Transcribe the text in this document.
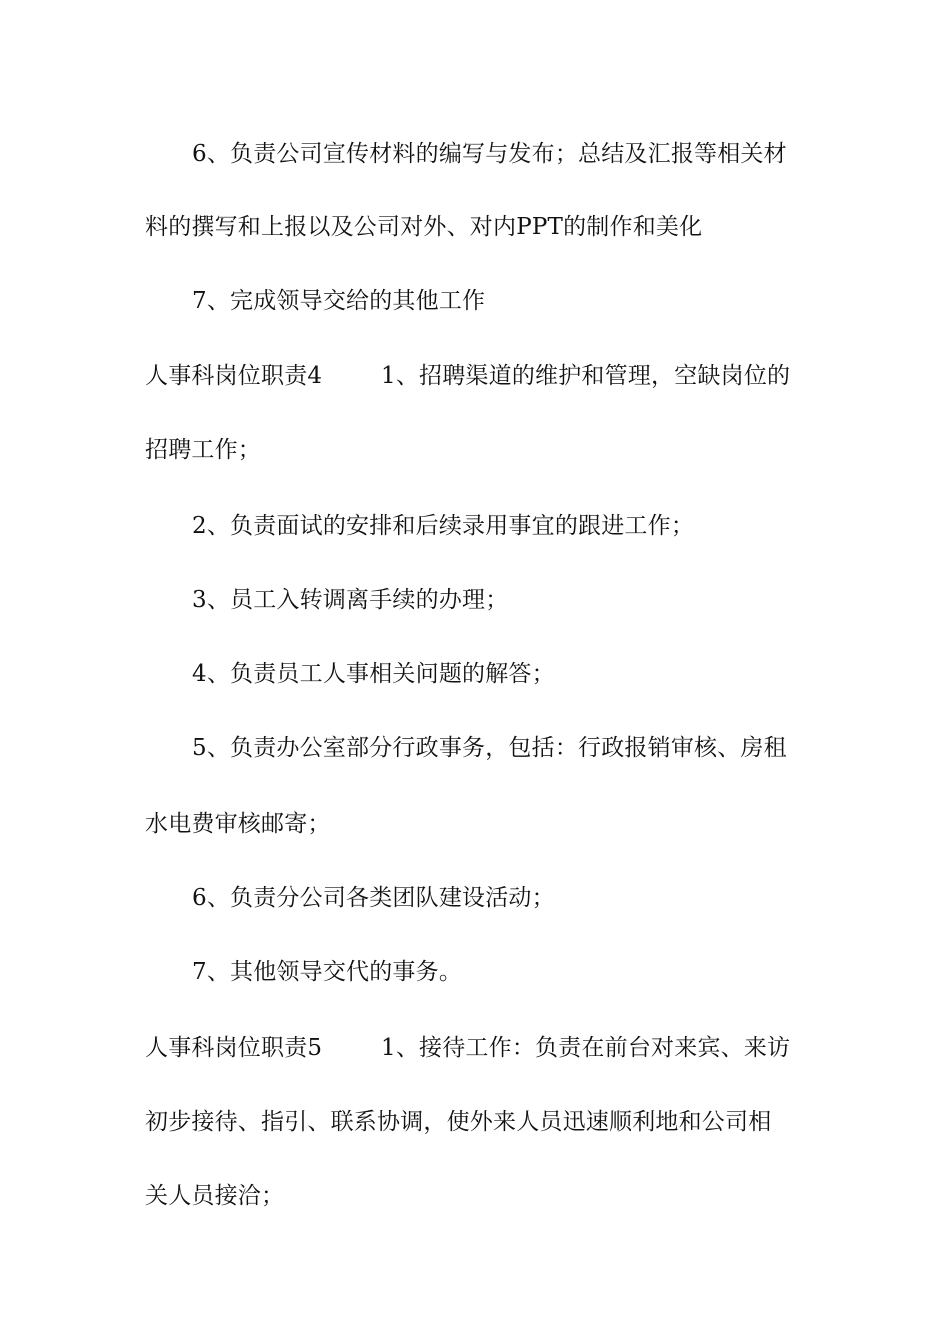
6、负责公司宣传材料的编写与发布；总结及汇报等相关材
料的撰写和上报以及公司对外、对内PPT的制作和美化
7、完成领导交给的其他工作
人事科岗位职责4	1、招聘渠道的维护和管理，空缺岗位的
招聘工作；
2、负责面试的安排和后续录用事宜的跟进工作；
3、员工入转调离手续的办理；
4、负责员工人事相关问题的解答；
5、负责办公室部分行政事务，包括：行政报销审核、房租
水电费审核邮寄；
6、负责分公司各类团队建设活动；
7、其他领导交代的事务。
人事科岗位职责5	1、接待工作：负责在前台对来宾、来访
初步接待、指引、联系协调，使外来人员迅速顺利地和公司相
关人员接洽；
